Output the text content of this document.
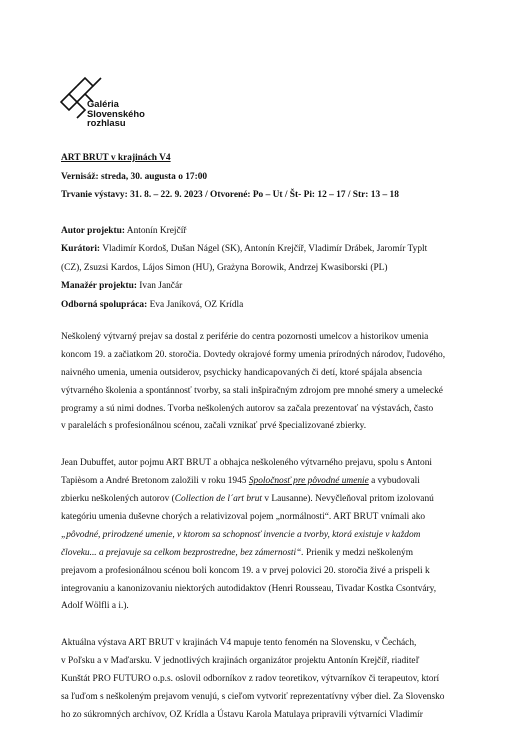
Galéria
Slovenského
rozhlasu
ART BRUT v krajinách V4
Vernisáž: streda, 30. augusta o 17:00
Trvanie výstavy: 31. 8. – 22. 9. 2023 / Otvorené: Po – Ut / Št- Pi: 12 – 17 / Str: 13 – 18
Autor projektu: Antonín Krejčíř
Kurátori: Vladimír Kordoš, Dušan Nágel (SK), Antonín Krejčíř, Vladimír Drábek, Jaromír Typlt
(CZ), Zsuzsi Kardos, Lájos Simon (HU), Grażyna Borowik, Andrzej Kwasiborski (PL)
Manažér projektu: Ivan Jančár
Odborná spolupráca: Eva Janíková, OZ Krídla
Neškolený výtvarný prejav sa dostal z periférie do centra pozornosti umelcov a historikov umenia
koncom 19. a začiatkom 20. storočia. Dovtedy okrajové formy umenia prírodných národov, ľudového,
naivného umenia, umenia outsiderov, psychicky handicapovaných či detí, ktoré spájala absencia
výtvarného školenia a spontánnosť tvorby, sa stali inšpiračným zdrojom pre mnohé smery a umelecké
programy a sú nimi dodnes. Tvorba neškolených autorov sa začala prezentovať na výstavách, často
v paralelách s profesionálnou scénou, začali vznikať prvé špecializované zbierky.
Jean Dubuffet, autor pojmu ART BRUT a obhajca neškoleného výtvarného prejavu, spolu s Antoni
Tapièsom a André Bretonom založili v roku 1945 Spoločnosť pre pôvodné umenie a vybudovali
zbierku neškolených autorov (Collection de l´art brut v Lausanne). Nevyčleňoval pritom izolovanú
kategóriu umenia duševne chorých a relativizoval pojem „normálnosti“. ART BRUT vnímali ako
„pôvodné, prirodzené umenie, v ktorom sa schopnosť invencie a tvorby, ktorá existuje v každom
človeku... a prejavuje sa celkom bezprostredne, bez zámernosti“. Prienik y medzi neškoleným
prejavom a profesionálnou scénou boli koncom 19. a v prvej polovici 20. storočia živé a prispeli k
integrovaniu a kanonizovaniu niektorých autodidaktov (Henri Rousseau, Tivadar Kostka Csontváry,
Adolf Wölfli a i.).
Aktuálna výstava ART BRUT v krajinách V4 mapuje tento fenomén na Slovensku, v Čechách,
v Poľsku a v Maďarsku. V jednotlivých krajinách organizátor projektu Antonín Krejčíř, riaditeľ
Kunštát PRO FUTURO o.p.s. oslovil odborníkov z radov teoretikov, výtvarníkov či terapeutov, ktorí
sa ľuďom s neškoleným prejavom venujú, s cieľom vytvoriť reprezentatívny výber diel. Za Slovensko
ho zo súkromných archívov, OZ Krídla a Ústavu Karola Matulaya pripravili výtvarníci Vladimír
